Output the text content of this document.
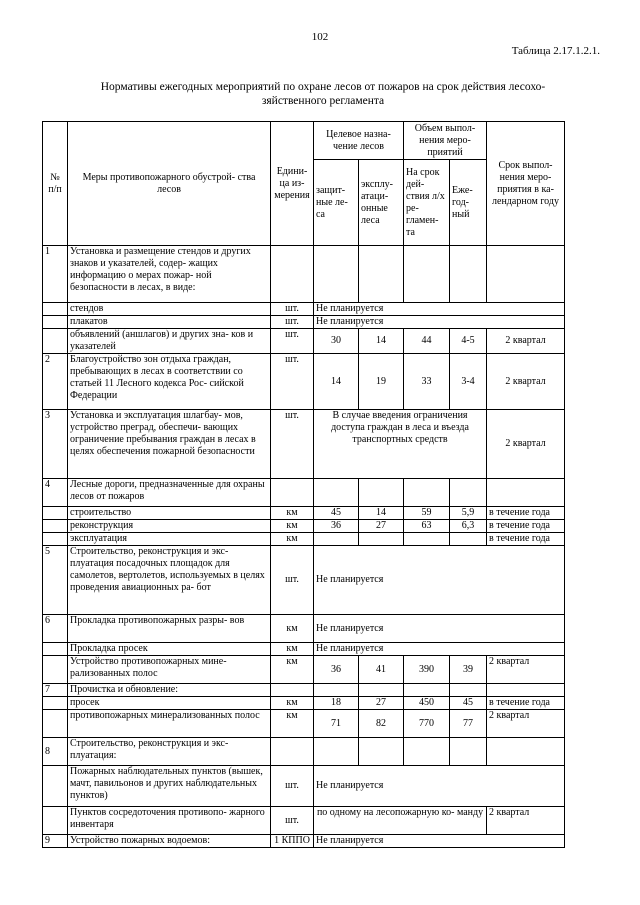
102
Таблица 2.17.1.2.1.
Нормативы ежегодных мероприятий по охране лесов от пожаров на срок действия лесохо-
зяйственного регламента
№ п/п	Меры противопожарного обустрой- ства лесов	Едини- ца из- мерения	Целевое назна- чение лесов		Объем выпол- нения меро- приятий		Срок выпол- нения меро- приятия в ка- лендарном году

			защит- ные ле- са	эксплу- атаци- онные леса	На срок дей- ствия л/х ре- гламен- та	Еже- год- ный	
1	Установка и размещение стендов и других знаков и указателей, содер- жащих информацию о мерах пожар- ной безопасности в лесах, в виде:						
	стендов	шт.	Не планируется				
	плакатов	шт.	Не планируется				
	объявлений (аншлагов) и других зна- ков и указателей	шт.	30	14	44	4-5	2 квартал
2	Благоустройство зон отдыха граждан, пребывающих в лесах в соответствии со статьей 11 Лесного кодекса Рос- сийской Федерации	шт.	14	19	33	3-4	2 квартал
3	Установка и эксплуатация шлагбау- мов, устройство преград, обеспечи- вающих ограничение пребывания граждан в лесах в целях обеспечения пожарной безопасности	шт.	В случае введения ограничения доступа граждан в леса и въезда транспортных средств				2 квартал
4	Лесные дороги, предназначенные для охраны лесов от пожаров						
	строительство	км	45	14	59	5,9	в течение года
	реконструкция	км	36	27	63	6,3	в течение года
	эксплуатация	км					в течение года
5	Строительство, реконструкция и экс- плуатация посадочных площадок для самолетов, вертолетов, используемых в целях проведения авиационных ра- бот	шт.	Не планируется				
6	Прокладка противопожарных разры- вов	км	Не планируется				
	Прокладка просек	км	Не планируется				
	Устройство противопожарных мине- рализованных полос	км	36	41	390	39	2 квартал
7	Прочистка и обновление:						
	просек	км	18	27	450	45	в течение года
	противопожарных минерализованных полос	км	71	82	770	77	2 квартал
8	Строительство, реконструкция и экс- плуатация:						
	Пожарных наблюдательных пунктов (вышек, мачт, павильонов и других наблюдательных пунктов)	шт.	Не планируется				
	Пунктов сосредоточения противопо- жарного инвентаря	шт.	по одному на лесопожарную ко- манду				2 квартал
9	Устройство пожарных водоемов:	1 КППО	Не планируется				
